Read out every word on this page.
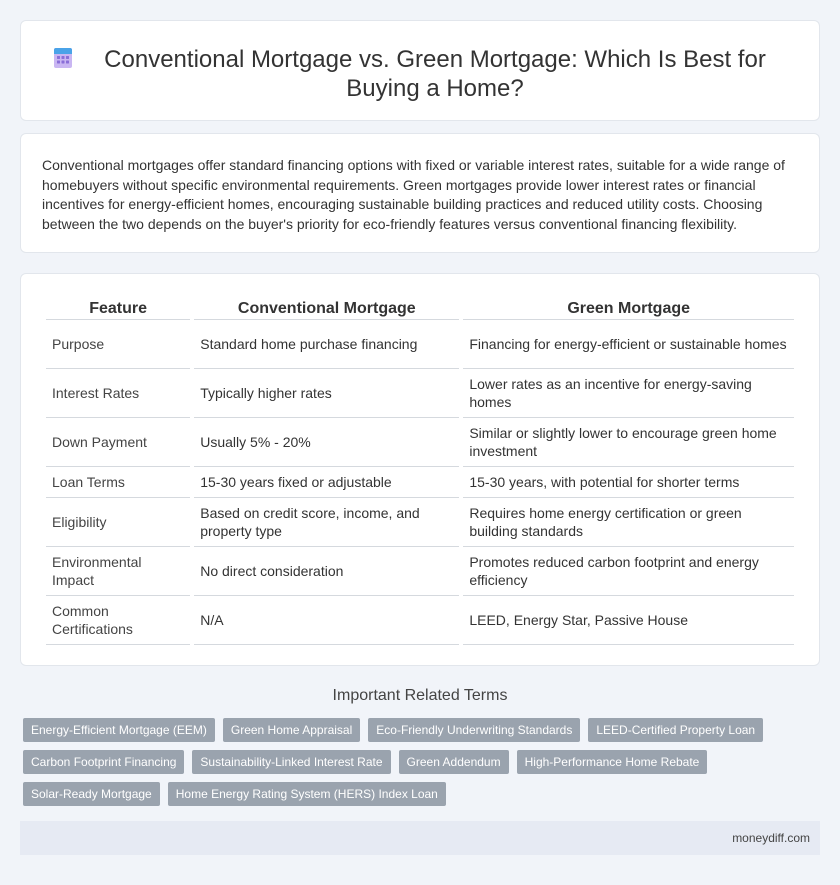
Conventional Mortgage vs. Green Mortgage: Which Is Best for Buying a Home?

Conventional mortgages offer standard financing options with fixed or variable interest rates, suitable for a wide range of homebuyers without specific environmental requirements. Green mortgages provide lower interest rates or financial incentives for energy-efficient homes, encouraging sustainable building practices and reduced utility costs. Choosing between the two depends on the buyer's priority for eco-friendly features versus conventional financing flexibility.

Feature	Conventional Mortgage	Green Mortgage
Purpose	Standard home purchase financing	Financing for energy-efficient or sustainable homes
Interest Rates	Typically higher rates	Lower rates as an incentive for energy-saving homes
Down Payment	Usually 5% - 20%	Similar or slightly lower to encourage green home investment
Loan Terms	15-30 years fixed or adjustable	15-30 years, with potential for shorter terms
Eligibility	Based on credit score, income, and property type	Requires home energy certification or green building standards
Environmental Impact	No direct consideration	Promotes reduced carbon footprint and energy efficiency
Common Certifications	N/A	LEED, Energy Star, Passive House
Important Related Terms
Energy-Efficient Mortgage (EEM)	Green Home Appraisal	Eco-Friendly Underwriting Standards	LEED-Certified Property Loan
Carbon Footprint Financing	Sustainability-Linked Interest Rate	Green Addendum	High-Performance Home Rebate
Solar-Ready Mortgage	Home Energy Rating System (HERS) Index Loan
moneydiff.com
